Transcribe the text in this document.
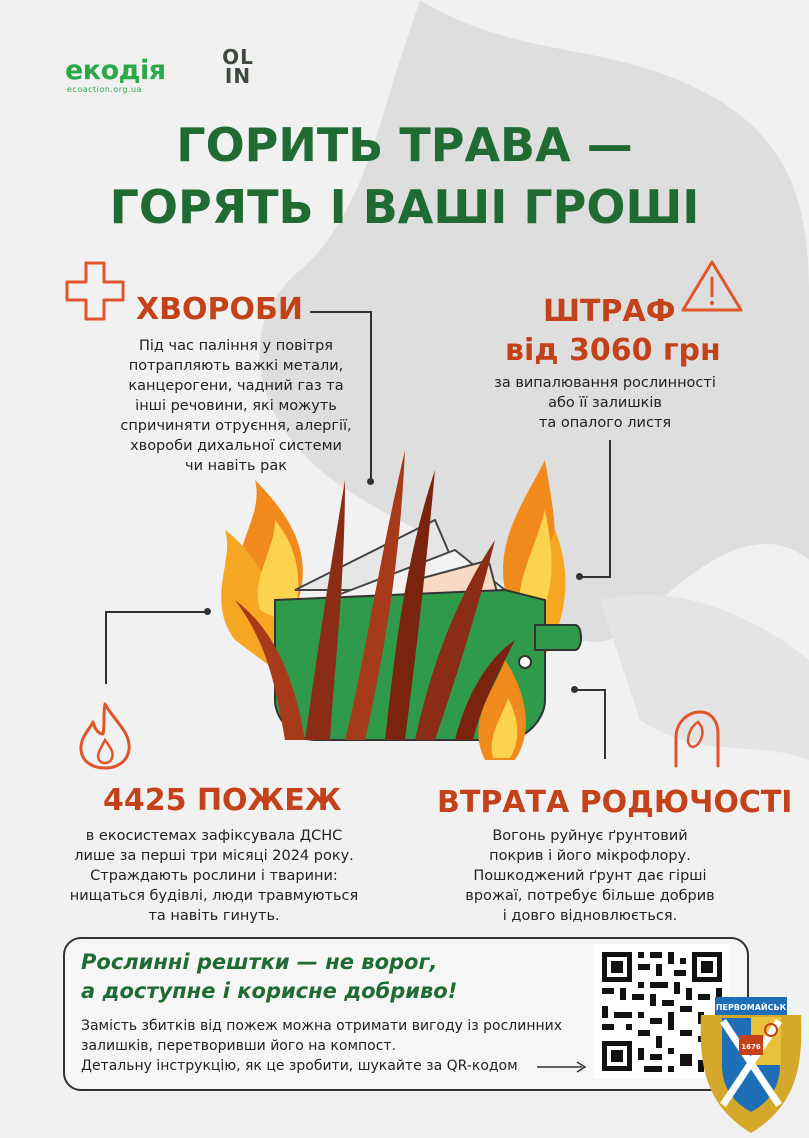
екодія
ecoaction.org.ua
OL
IN
ГОРИТЬ ТРАВА —
ГОРЯТЬ І ВАШІ ГРОШІ
ХВОРОБИ
Під час паління у повітря
потрапляють важкі метали,
канцерогени, чадний газ та
інші речовини, які можуть
спричиняти отруєння, алергії,
хвороби дихальної системи
чи навіть рак
ШТРАФ
від 3060 грн
за випалювання рослинності
або її залишків
та опалого листя
4425 ПОЖЕЖ
в екосистемах зафіксувала ДСНС
лише за перші три місяці 2024 року.
Страждають рослини і тварини:
нищаться будівлі, люди травмуються
та навіть гинуть.
ВТРАТА РОДЮЧОСТІ
Вогонь руйнує ґрунтовий
покрив і його мікрофлору.
Пошкоджений ґрунт дає гірші
врожаї, потребує більше добрив
і довго відновлюється.
Рослинні рештки — не ворог,
а доступне і корисне добриво!
Замість збитків від пожеж можна отримати вигоду із рослинних
залишків, перетворивши його на компост.
Детальну інструкцію, як це зробити, шукайте за QR-кодом
ПЕРВОМАЙСЬК
1676
